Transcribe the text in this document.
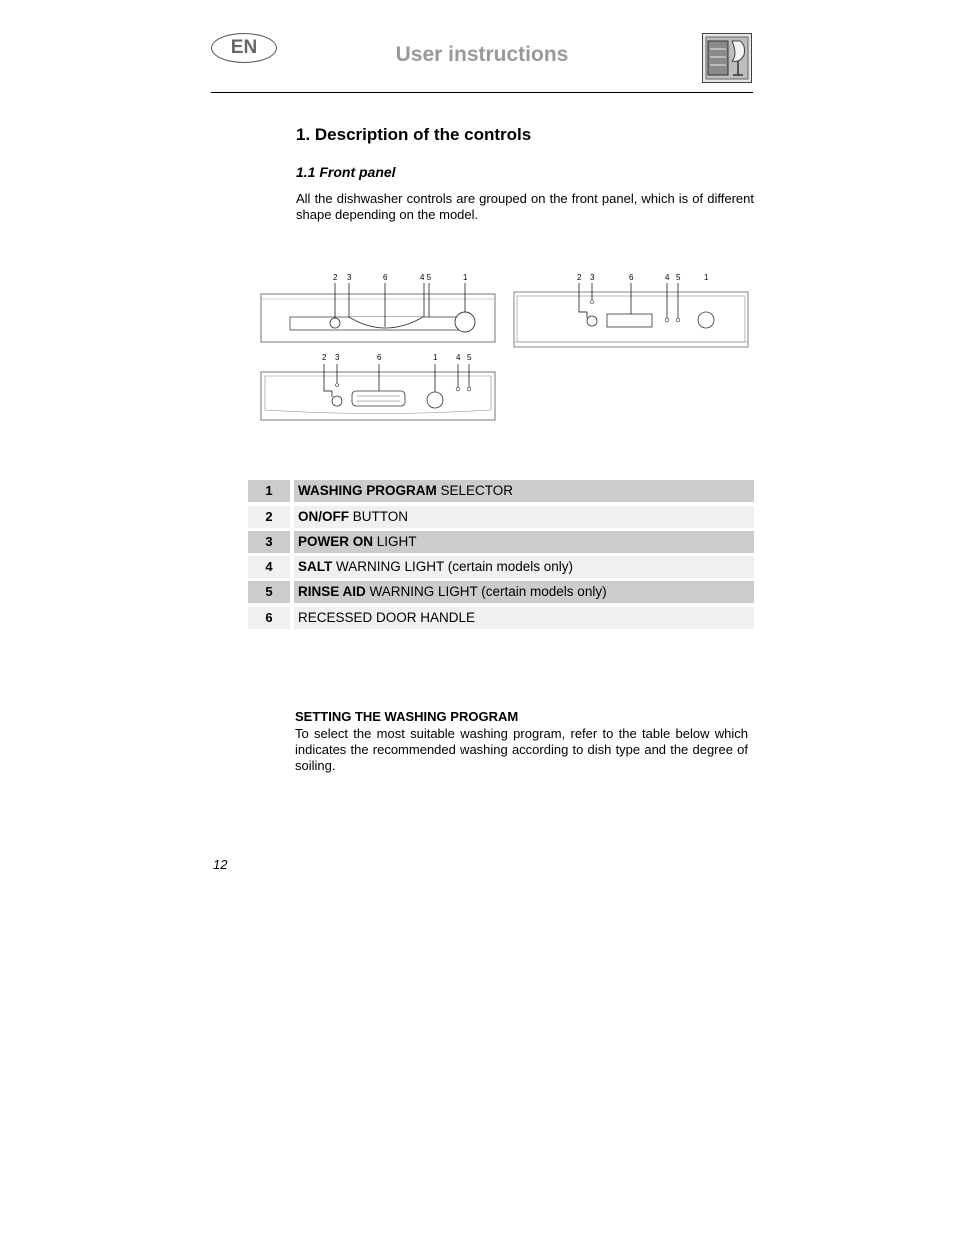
EN	User instructions
1. Description of the controls
1.1 Front panel
All the dishwasher controls are grouped on the front panel, which is of different shape depending on the model.
2 3	6	4 5	1	2 3	6	4 5	1
2 3	6	1 4 5
1	WASHING PROGRAM SELECTOR
2	ON/OFF BUTTON
3	POWER ON LIGHT
4	SALT WARNING LIGHT (certain models only)
5	RINSE AID WARNING LIGHT (certain models only)
6	RECESSED DOOR HANDLE
SETTING THE WASHING PROGRAM
To select the most suitable washing program, refer to the table below which indicates the recommended washing according to dish type and the degree of soiling.
12
